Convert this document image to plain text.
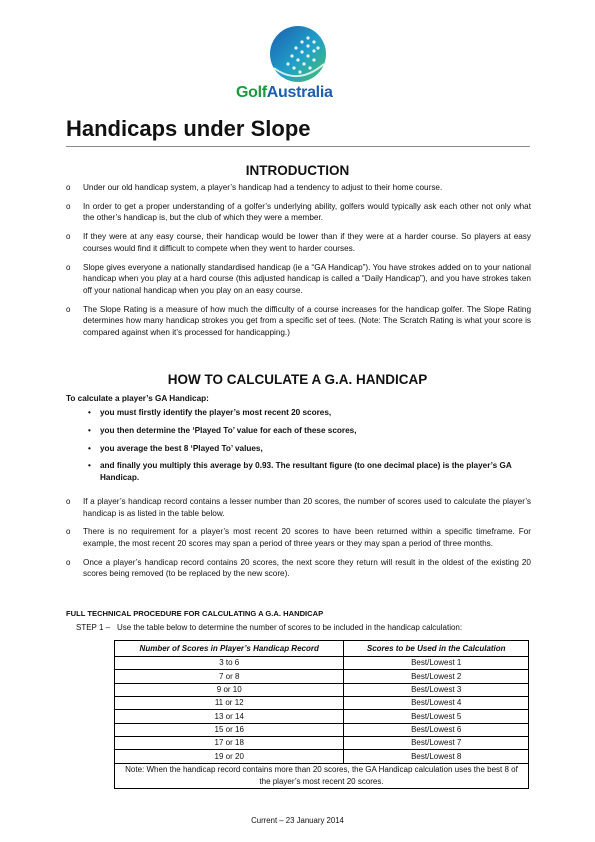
GolfAustralia
Handicaps under Slope
INTRODUCTION
o Under our old handicap system, a player’s handicap had a tendency to adjust to their home course.
o In order to get a proper understanding of a golfer’s underlying ability, golfers would typically ask each other not only what the other’s handicap is, but the club of which they were a member.
o If they were at any easy course, their handicap would be lower than if they were at a harder course. So players at easy courses would find it difficult to compete when they went to harder courses.
o Slope gives everyone a nationally standardised handicap (ie a “GA Handicap”). You have strokes added on to your national handicap when you play at a hard course (this adjusted handicap is called a “Daily Handicap”), and you have strokes taken off your national handicap when you play on an easy course.
o The Slope Rating is a measure of how much the difficulty of a course increases for the handicap golfer. The Slope Rating determines how many handicap strokes you get from a specific set of tees. (Note: The Scratch Rating is what your score is compared against when it’s processed for handicapping.)
HOW TO CALCULATE A G.A. HANDICAP
To calculate a player’s GA Handicap:
• you must firstly identify the player’s most recent 20 scores,
• you then determine the ‘Played To’ value for each of these scores,
• you average the best 8 ‘Played To’ values,
• and finally you multiply this average by 0.93. The resultant figure (to one decimal place) is the player’s GA Handicap.
o If a player’s handicap record contains a lesser number than 20 scores, the number of scores used to calculate the player’s handicap is as listed in the table below.
o There is no requirement for a player’s most recent 20 scores to have been returned within a specific timeframe. For example, the most recent 20 scores may span a period of three years or they may span a period of three months.
o Once a player’s handicap record contains 20 scores, the next score they return will result in the oldest of the existing 20 scores being removed (to be replaced by the new score).
FULL TECHNICAL PROCEDURE FOR CALCULATING A G.A. HANDICAP
STEP 1 – Use the table below to determine the number of scores to be included in the handicap calculation:
Number of Scores in Player’s Handicap Record	Scores to be Used in the Calculation
3 to 6	Best/Lowest 1
7 or 8	Best/Lowest 2
9 or 10	Best/Lowest 3
11 or 12	Best/Lowest 4
13 or 14	Best/Lowest 5
15 or 16	Best/Lowest 6
17 or 18	Best/Lowest 7
19 or 20	Best/Lowest 8
Note: When the handicap record contains more than 20 scores, the GA Handicap calculation uses the best 8 of the player’s most recent 20 scores.	
Current – 23 January 2014
